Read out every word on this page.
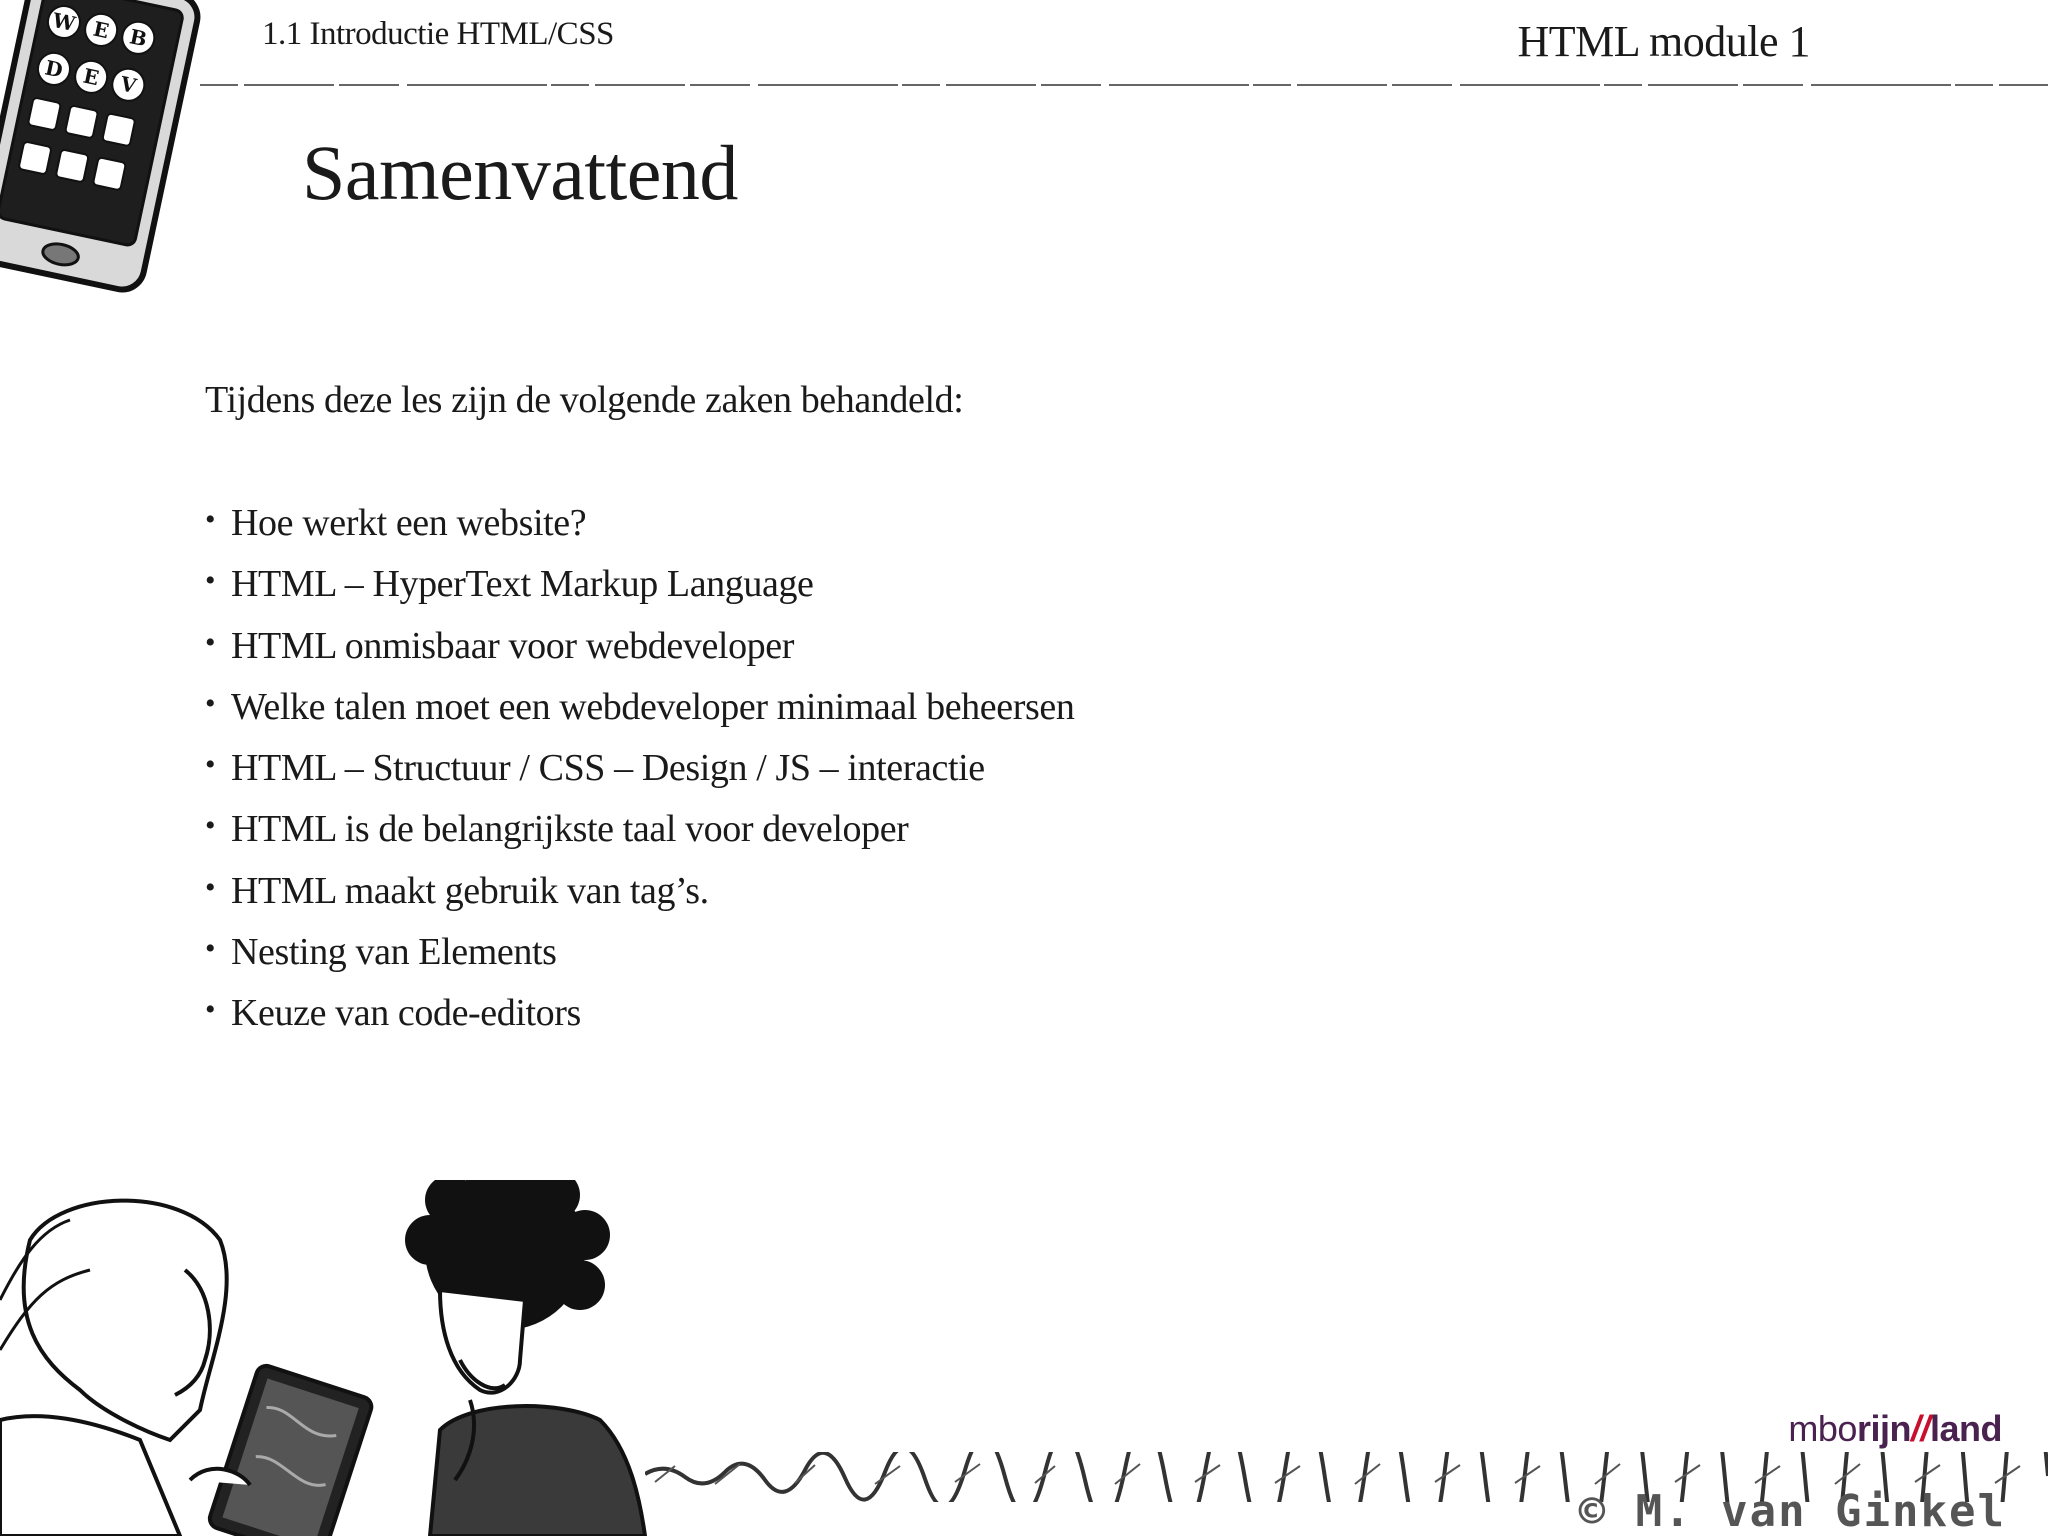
W E B
D E V
1.1 Introductie HTML/CSS	HTML module 1
Samenvattend
Tijdens deze les zijn de volgende zaken behandeld:
• Hoe werkt een website?
• HTML – HyperText Markup Language
• HTML onmisbaar voor webdeveloper
• Welke talen moet een webdeveloper minimaal beheersen
• HTML – Structuur / CSS – Design / JS – interactie
• HTML is de belangrijkste taal voor developer
• HTML maakt gebruik van tag’s.
• Nesting van Elements
• Keuze van code-editors
mborijn//land
© M. van Ginkel
